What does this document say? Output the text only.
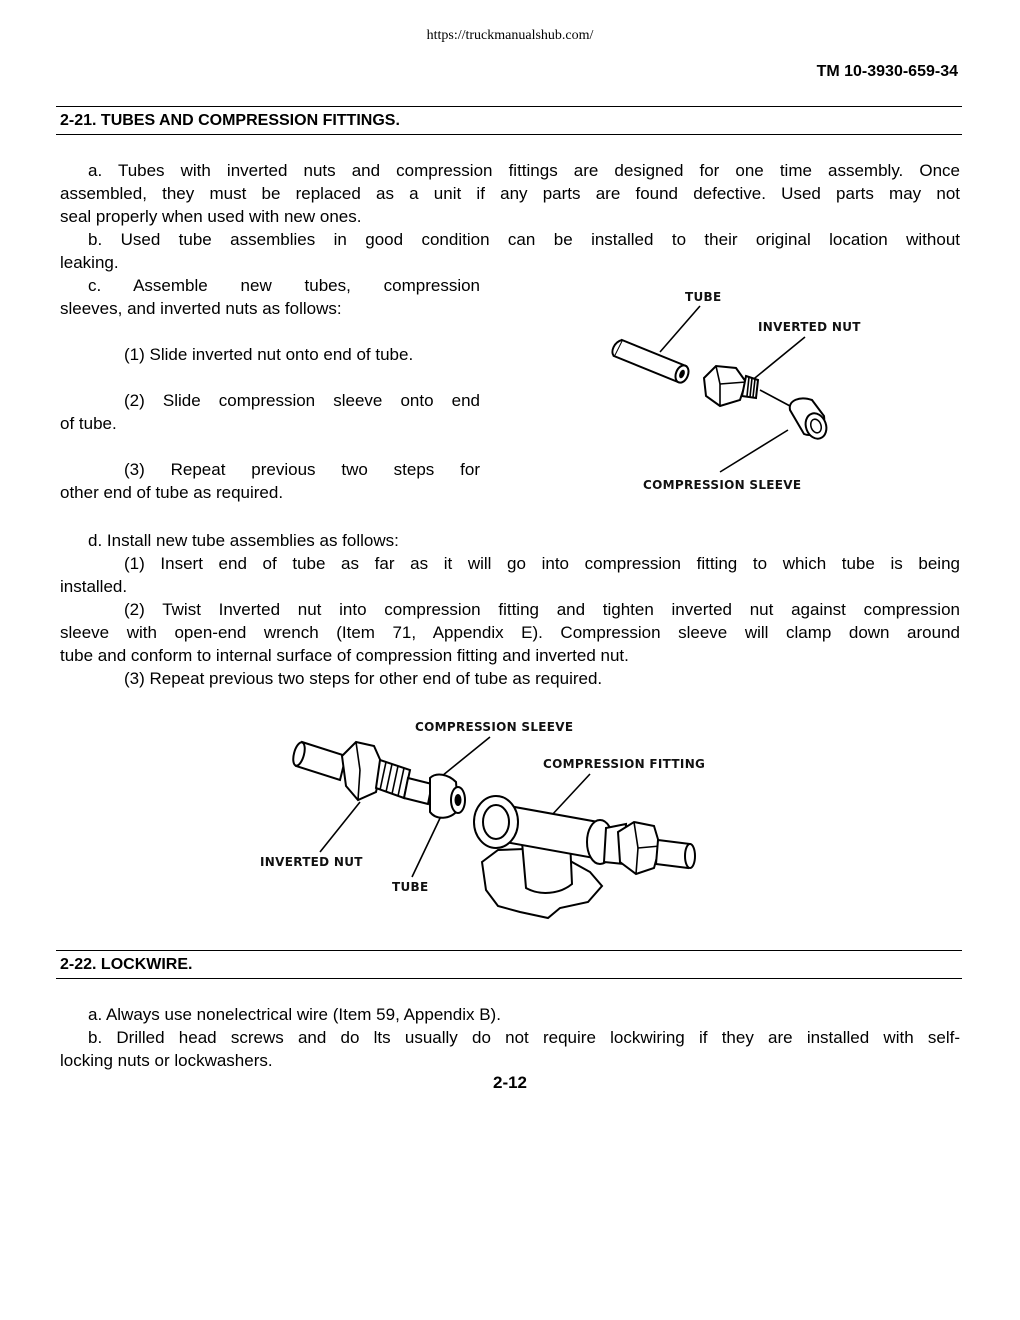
https://truckmanualshub.com/
TM 10-3930-659-34
2-21. TUBES AND COMPRESSION FITTINGS.
a. Tubes with inverted nuts and compression fittings are designed for one time assembly. Once
assembled, they must be replaced as a unit if any parts are found defective. Used parts may not
seal properly when used with new ones.
b. Used tube assemblies in good condition can be installed to their original location without
leaking.
c. Assemble new tubes, compression
sleeves, and inverted nuts as follows:
(1) Slide inverted nut onto end of tube.
(2) Slide compression sleeve onto end
of tube.
(3) Repeat previous two steps for
other end of tube as required.
TUBE
INVERTED NUT
COMPRESSION SLEEVE
d. Install new tube assemblies as follows:
(1) Insert end of tube as far as it will go into compression fitting to which tube is being
installed.
(2) Twist Inverted nut into compression fitting and tighten inverted nut against compression
sleeve with open-end wrench (Item 71, Appendix E). Compression sleeve will clamp down around
tube and conform to internal surface of compression fitting and inverted nut.
(3) Repeat previous two steps for other end of tube as required.
COMPRESSION SLEEVE
COMPRESSION FITTING
INVERTED NUT
TUBE
2-22. LOCKWIRE.
a. Always use nonelectrical wire (Item 59, Appendix B).
b. Drilled head screws and do lts usually do not require lockwiring if they are installed with self-
locking nuts or lockwashers.
2-12
